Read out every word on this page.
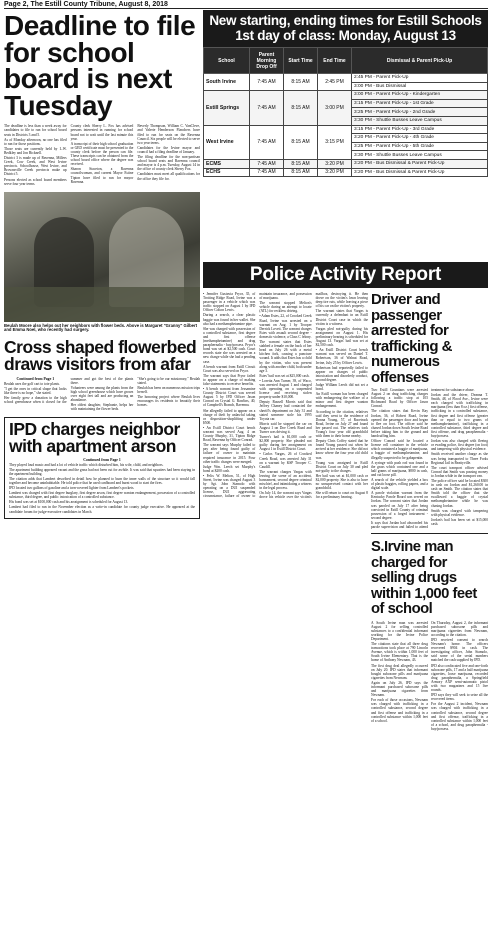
Page 2, The Estill County Tribune, August 8, 2018
Deadline to file for school board is next Tuesday

The deadline is less than a week away for candidates to file to run for school board seats in Districts 3 and 5.

As of Monday afternoon, no one has filed to run for those positions.

Those seats are currently held by L.W. Bedkley and Jon Bicknell.

District 3 is made up of Ravenna, Millers Creek, Cow Creek, and West Irvine precincts. Schoolhouse, West Irvine, and Brownsville Creek precincts make up District 5.

Persons elected as school board members serve four year terms.

County clerk Sherry L. Fox has advised persons interested in running for school board not to wait until the last minute this year.

A transcript of their high school graduation or GED certificate must be presented to the county clerk before the person can file. These transcripts can be obtained from the school board office where the degree was received.

Sharon Staceton, a Ravenna councilwoman, and current Mayor Estine Tipton have filed to run for mayor Ravenna.

Beverly Thompson, William C. VanCleve, and Valerie Henderson Flanchers have filed to run for seats on the Ravenna Council. Six people will be elected to serve two year terms.

Candidates for the Irvine mayor and council had a filing deadline of January.

The filing deadline for the non-partisan school board seats and Ravenna council and mayor is 4 p.m. Tuesday, August 14 in the office of county clerk Sherry Fox.

Candidates must meet all qualifications for the office they file for.

Beulah Moore also helps out her neighbors with flower beds. Above is Margaret "Granny" Gilbert and Emma Noel, who recently had surgery.
Cross shaped flowerbed draws visitors from afar

Continued from Page 1

Beulah uses the golf cart to tote plants.

"I get the ones in critical shape that looks like there is no hope," she stated.

Her family grew a donation to the high school greenhouse when it closed for the summer and got the best of the plants there.

Volunteers were among the plants from the high school greenhouse which have grown over eight feet tall and are producing an abundance.

Her oldest daughter, Stephanie, helps her with maintaining the flower beds.

"She's going to be our missionary," Beulah stated.

Beulah has been on numerous mission trips herself.

The honoring project where Beulah lives encourages its residents to beautify their homes.

IPD charges neighbor with apartment arson

Continued from Page 1

They played loud music and had a lot of vehicle traffic which disturbed him, his wife, child, and neighbors.

The apartment building appeared vacant and the grass had not been cut for awhile. It was said that squatters had been staying in the apartment building.

The citation adds that Lambert described in detail how he planned to burn the inner walls of the structure so it would fall together and become uninhabitable. He told police that he used cardboard and burnt wood to start the fires.

IPD located two gallons of gasoline and a torn-covered lighter from Lambert's pockets.

Lambert was charged with first degree burglary, first degree arson, first degree wanton endangerment, possession of a controlled substance, third degree, and public intoxication of a controlled substance.

His bond was set at $100,000 cash and his arraignment is scheduled for August 13.

Lambert had filed to run in the November election as a write-in candidate for county judge executive. He appeared at the candidate forum for judge-executive candidates in March.

New starting, ending times for Estill Schools 1st day of class: Monday, August 13
School	Parent Morning Drop Off	Start Time	End Time	Dismissal & Parent Pick-Up
South Irvine	7:45 AM	8:15 AM	2:45 PM	2:45 PM - Parent Pick-Up
				3:00 PM - Bus Dismissal
Estill Springs	7:45 AM	8:15 AM	3:00 PM	3:00 PM - Parent Pick-Up - Kindergarten
				3:15 PM - Parent Pick-Up - 1st Grade
				3:25 PM - Parent Pick-Up - 2nd Grade
				3:30 PM - Shuttle Busses Leave Campus
West Irvine	7:45 AM	8:15 AM	3:15 PM	3:15 PM - Parent Pick-Up - 3rd Grade
				3:20 PM - Parent Pick-Up - 4th Grade
				3:25 PM - Parent Pick-Up - 5th Grade
				3:30 PM - Shuttle Busses Leave Campus
ECMS	7:45 AM	8:15 AM	3:20 PM	3:20 PM - Bus Dismissal & Parent Pick-Up
ECHS	7:45 AM	8:15 AM	3:20 PM	3:20 PM - Bus Dismissal & Parent Pick-Up
Police Activity Report

• Jennifer Gustavia Pryor, 35, of Trotting Ridge Road, Irvine was a passenger in a vehicle which was traffic stopped on August 1 by IPD Officer Colton Lewis.

During a search, a clear plastic baggie was found in her wallet. She also had a methamphetamine pipe.

She was charged with possession of a controlled substance, first degree and first offense (methamphetamine) and drug paraphernalia - buy/possess. Pryor's bond was set at $2,500 cash. Court records state she was arrested on a new charge while she had a pending case.

A bench warrant from Estill Circuit Court was also served on Pryor.

The warrant says that Pryor failed to appear on a charge of making false statements to receive benefits.

• A bench warrant from Jessamine County District Court was served August 5 by IPD Officer Jason Conrad on Crystal G. Rawlins, 40, of Campbell's Branch, Ravenna.

She allegedly failed to appear on a charge of theft by unlawful taking or disposition-shoplifting under $500.

• An Estill District Court bench warrant was served Aug. 4 on County Murphy, 31, Tipton Ridge Road, Ravenna by Officer Conrad.

The warrant says Murphy failed to pay after being found guilty of failure of owner to maintain required insurance in 2015. Four other traffic charges were merged.

Judge Wm. Leech set Murphy's bond at $200 cash.

• Felix W. Melton, 51, of High Street, Irvine was charged August 3 by Sgt. John Stamolo with operating on a DUI suspended license, DUI aggravating circumstance, failure of owner to maintain insurance, and possession of marijuana.

The warrant stopped Melton's vehicle during an attempt to locate (ATL) for reckless driving.

• Adam Estes, 22, of Crooked Creek Road, Irvine was arrested on a warrant on Aug. 1 by Trooper Derrick Lovett. The warrant charges Estes with assault second degree - domestic violence, a Class C felony.

The warrant states that Estes stabbed a female on the back of her head on July 26 with a metal kitchen fork, causing a puncture wound. It adds that Estes has a child by the victim, who was present along with another child, both under age 3.

Estes' bail was set at $25,000 cash.

• Loretta Ann Turner, 39, of Waco, was arrested August 1 and charged with operating on a suspended license and receiving stolen property under $10,000.

Deputy Russell Morris said that Jeffrey Chaney had contacted the sheriff's department on July 31 and stated someone stole his 1995 Toyota car.

Morris said he stopped the car on August 1 on Doe Creek Road and Turner was driving it.

Turner's bail is $1,000 cash or $2,000 property. She pleaded not guilty during her arraignment on August 1 in Estill District Court.

• Carlos Vargas, 26 of Crooked Creek Road, was arrested July 31 on a warrant by KSP Trooper C. Caudill.

The warrant charges Vargas with leaving the scene of an accident, harassment, second degree criminal mischief, and intimidating a witness in the legal process.

On July 14, the warrant says Vargas drove his vehicle over the victim's mailbox, destroying it. He then drove on the victim's lawn leaving deep tire ruts, while leaving a piece of his car on the victim's property.

The warrant states that Vargas is currently a defendant in an Estill District Court case in which the victim is a witness.

Vargas pled not-guilty during his arraignment on August 1. His preliminary hearing is scheduled for August 13. Vargas' bail was set at $2,500 cash.

• An Estill District Court bench warrant was served on Daniel T. Robertson, 36 of Walnut Road, Irvine, July 25 by Officer Lewis.

Robertson had reportedly failed to appear on charges of public intoxication and disorderly conduct, second degree.

Judge William Leech did not set a bond.

An Estill woman has been charged with endangering the welfare of a minor and first degree wanton endangerment.

According to the citation, relatives said they went to the residence of Donna Young, 57, of Racetrack Road, Irvine on July 27 and found her passed out. The relatives took Young's four year old grandchild with them to their home nearby.

Deputy Chris Coffey stated that he found Young passed out when he arrived at her residence. She did not know where the four year old child was.

Young was arraigned in Estill District Court on July 30 and pled not-guilty to the charges.

Her bail was set at $1,000 cash or $2,000 property. She is also to have no unsupervised contact with her grandchild.

She will return to court on August 8 for a preliminary hearing.

Driver and passenger arrested for trafficking & numerous offenses

Two Estill Countians were arrested August 2 on drug trafficking charges following a traffic stop at 105 Richmond Road by Officer Jason Conrad.

The citation states that Kevin Ray Jordan, 36, of Robert Road, Irvine opened the passenger door and began to flee on foot. The officer said he chased Jordan down South Irvine Road before taking him to the ground and handcuffing him.

Officer Conrad said he located a license roll container in the vehicle which contained a baggie of marijuana, a baggie of methamphetamine, and illegally suspected to be gabapentin.

A syringe with push rod was found in the grass which contained one and a half grams of marijuana, $800 in cash, and cut loose pill.

A search of the vehicle yielded a box of plastic baggies, rolling papers, and a digital scale.

A parole violation warrant from the Kentucky Parole Board was served on Jordan. The warrant states that Jordan was paroled on July 17 after being convicted in Estill County of criminal possession of a forged instrument - second degree.

It says that Jordan had absconded his parole supervision and failed to attend treatment for substance abuse.

Jordan and the driver, Deanna T. Smith, 48, of Flood Ave., Irvine were each charged with trafficking in marijuana (less than 8 oz.) first offense, trafficking in a controlled substance, first degree and first offense (greater than or equal to two grams of methamphetamine), trafficking in a controlled substance, third degree and first offense, and drug paraphernalia - buy/possess.

Jordan was also charged with fleeing or evading police, first degree (on foot) and tampering with physical evidence.

Smith received another charge as she was being transported to Three Forks Regional Jail in Beattyville.

The court transport officer advised Conrad that Smith was passing money to Jordan while in the transport van.

The police officer said he located $300 in cash on Jordan and $1,260.00 in cash on Smith. The citation states that Smith told the officer that she swallowed a baggie of crystal methamphetamine while he was chasing Jordan.

Smith was charged with tampering with physical evidence.

Jordan's bail has been set at $15,000 cash.

S.Irvine man charged for selling drugs within 1,000 feet of school

A South Irvine man was arrested August 2 for selling controlled substances to a confidential informant working for the Irvine Police Department.

The citations state that all three drug transactions took place at 790 Lincoln Avenue, which is within 1,000 feet of South Irvine Elementary. That is the home of Anthony Newnam, 43.

The first drug deal allegedly occurred on July 20. IPD states that informant bought suboxone pills and marijuana cigarettes from Newnam.

Again on July 26, IPD says the informant purchased suboxone pills and marijuana cigarettes from Newnam.

For each of those occasions, Newnam was charged with trafficking in a controlled substance, second degree and first offense and trafficking in a controlled substance within 1,000 feet of a school.

On Thursday, August 2, the informant purchased suboxone pills and marijuana cigarettes from Newnam, according to the citation.

IPD received consent to search Newnam's home. The officers recovered $904 in cash. The investigating officer, John Stamolo, said some of the serial numbers matched the cash supplied by IPD.

IPD also confiscated five and one-forth suboxone pills, 17 and a half marijuana cigarettes, loose marijuana, recorded drug paraphernalia, a Springfield Armory AXP semi-automatic pistol with two magazines and 15 live rounds.

IPD says they will seek to seize all the recovered items.

For the August 2 incident, Newnam was charged with trafficking in a controlled substance, second degree and first offense, trafficking in a controlled substance within 1,000 feet of a school, and drug paraphernalia - buy/possess.
